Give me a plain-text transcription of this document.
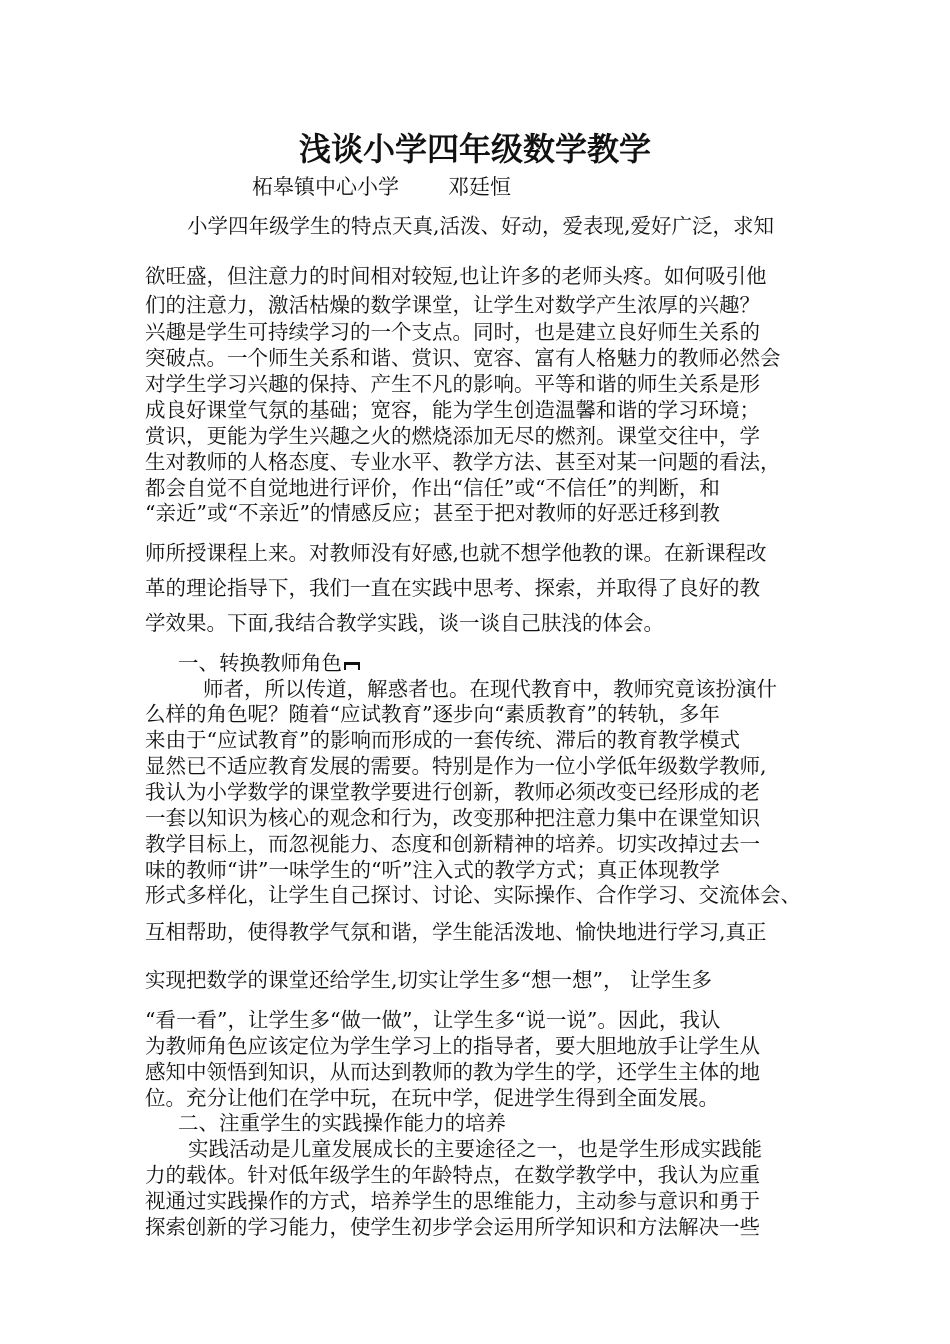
浅谈小学四年级数学教学
柘皋镇中心小学 邓廷恒
小学四年级学生的特点天真,活泼、好动，爱表现,爱好广泛，求知
欲旺盛，但注意力的时间相对较短,也让许多的老师头疼。如何吸引他
们的注意力，激活枯燥的数学课堂，让学生对数学产生浓厚的兴趣？
兴趣是学生可持续学习的一个支点。同时，也是建立良好师生关系的
突破点。一个师生关系和谐、赏识、宽容、富有人格魅力的教师必然会
对学生学习兴趣的保持、产生不凡的影响。平等和谐的师生关系是形
成良好课堂气氛的基础；宽容，能为学生创造温馨和谐的学习环境；
赏识，更能为学生兴趣之火的燃烧添加无尽的燃剂。课堂交往中，学
生对教师的人格态度、专业水平、教学方法、甚至对某一问题的看法，
都会自觉不自觉地进行评价，作出“信任”或“不信任”的判断，和
“亲近”或“不亲近”的情感反应；甚至于把对教师的好恶迁移到教
师所授课程上来。对教师没有好感,也就不想学他教的课。在新课程改
革的理论指导下，我们一直在实践中思考、探索，并取得了良好的教
学效果。下面,我结合教学实践，谈一谈自己肤浅的体会。
一、转换教师角色
师者，所以传道，解惑者也。在现代教育中，教师究竟该扮演什
么样的角色呢？随着“应试教育”逐步向“素质教育”的转轨，多年
来由于“应试教育”的影响而形成的一套传统、滞后的教育教学模式
显然已不适应教育发展的需要。特别是作为一位小学低年级数学教师,
我认为小学数学的课堂教学要进行创新，教师必须改变已经形成的老
一套以知识为核心的观念和行为，改变那种把注意力集中在课堂知识
教学目标上，而忽视能力、态度和创新精神的培养。切实改掉过去一
味的教师“讲”一味学生的“听”注入式的教学方式；真正体现教学
形式多样化，让学生自己探讨、讨论、实际操作、合作学习、交流体会、
互相帮助，使得教学气氛和谐，学生能活泼地、愉快地进行学习,真正
实现把数学的课堂还给学生,切实让学生多“想一想”， 让学生多
“看一看”，让学生多“做一做”，让学生多“说一说”。因此，我认
为教师角色应该定位为学生学习上的指导者，要大胆地放手让学生从
感知中领悟到知识，从而达到教师的教为学生的学，还学生主体的地
位。充分让他们在学中玩，在玩中学，促进学生得到全面发展。
二、注重学生的实践操作能力的培养
实践活动是儿童发展成长的主要途径之一，也是学生形成实践能
力的载体。针对低年级学生的年龄特点，在数学教学中，我认为应重
视通过实践操作的方式，培养学生的思维能力，主动参与意识和勇于
探索创新的学习能力，使学生初步学会运用所学知识和方法解决一些
